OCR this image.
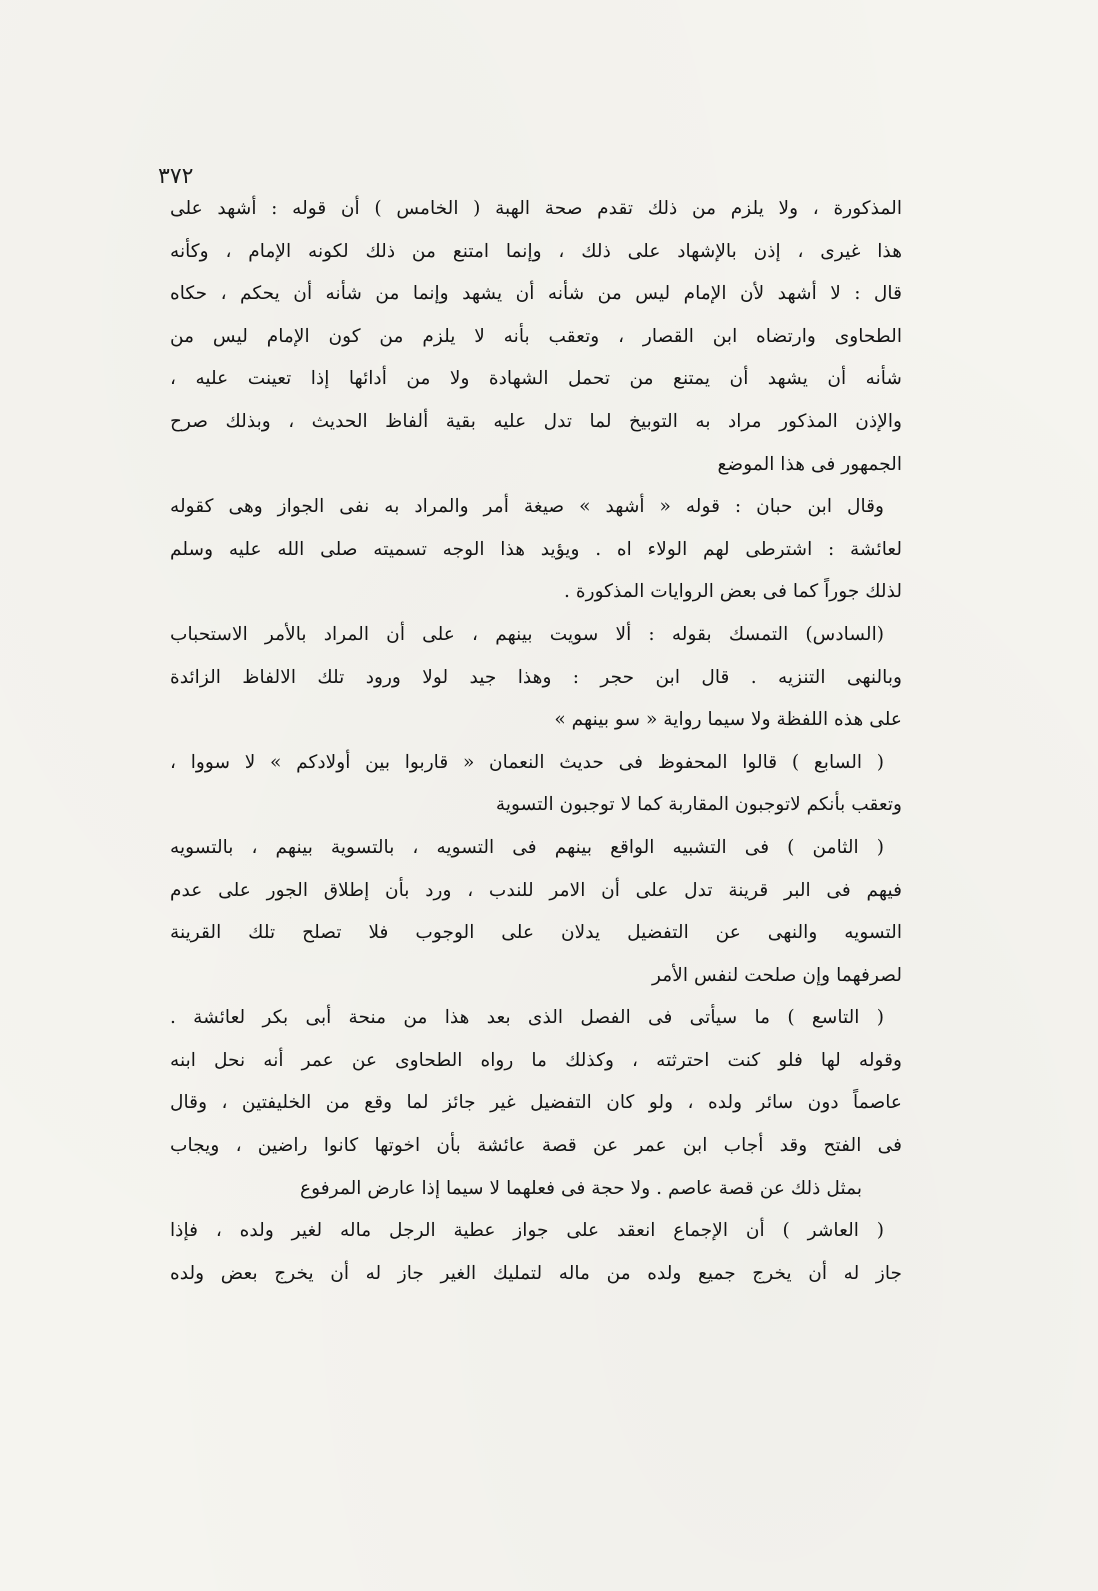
٣٧٢
المذكورة ، ولا يلزم من ذلك تقدم صحة الهبة ( الخامس ) أن قوله : أشهد على
هذا غيرى ، إذن بالإشهاد على ذلك ، وإنما امتنع من ذلك لكونه الإمام ، وكأنه
قال : لا أشهد لأن الإمام ليس من شأنه أن يشهد وإنما من شأنه أن يحكم ، حكاه
الطحاوى وارتضاه ابن القصار ، وتعقب بأنه لا يلزم من كون الإمام ليس من
شأنه أن يشهد أن يمتنع من تحمل الشهادة ولا من أدائها إذا تعينت عليه ،
والإذن المذكور مراد به التوبيخ لما تدل عليه بقية ألفاظ الحديث ، وبذلك صرح
الجمهور فى هذا الموضع
وقال ابن حبان : قوله « أشهد » صيغة أمر والمراد به نفى الجواز وهى كقوله
لعائشة : اشترطى لهم الولاء اه . ويؤيد هذا الوجه تسميته صلى الله عليه وسلم
لذلك جوراً كما فى بعض الروايات المذكورة .
(السادس) التمسك بقوله : ألا سويت بينهم ، على أن المراد بالأمر الاستحباب
وبالنهى التنزيه . قال ابن حجر : وهذا جيد لولا ورود تلك الالفاظ الزائدة
على هذه اللفظة ولا سيما رواية « سو بينهم »
( السابع ) قالوا المحفوظ فى حديث النعمان « قاربوا بين أولادكم » لا سووا ،
وتعقب بأنكم لاتوجبون المقاربة كما لا توجبون التسوية
( الثامن ) فى التشبيه الواقع بينهم فى التسويه ، بالتسوية بينهم ، بالتسويه
فيهم فى البر قرينة تدل على أن الامر للندب ، ورد بأن إطلاق الجور على عدم
التسويه والنهى عن التفضيل يدلان على الوجوب فلا تصلح تلك القرينة
لصرفهما وإن صلحت لنفس الأمر
( التاسع ) ما سيأتى فى الفصل الذى بعد هذا من منحة أبى بكر لعائشة .
وقوله لها فلو كنت احترثته ، وكذلك ما رواه الطحاوى عن عمر أنه نحل ابنه
عاصماً دون سائر ولده ، ولو كان التفضيل غير جائز لما وقع من الخليفتين ، وقال
فى الفتح وقد أجاب ابن عمر عن قصة عائشة بأن اخوتها كانوا راضين ، ويجاب
بمثل ذلك عن قصة عاصم . ولا حجة فى فعلهما لا سيما إذا عارض المرفوع
( العاشر ) أن الإجماع انعقد على جواز عطية الرجل ماله لغير ولده ، فإذا
جاز له أن يخرج جميع ولده من ماله لتمليك الغير جاز له أن يخرج بعض ولده
